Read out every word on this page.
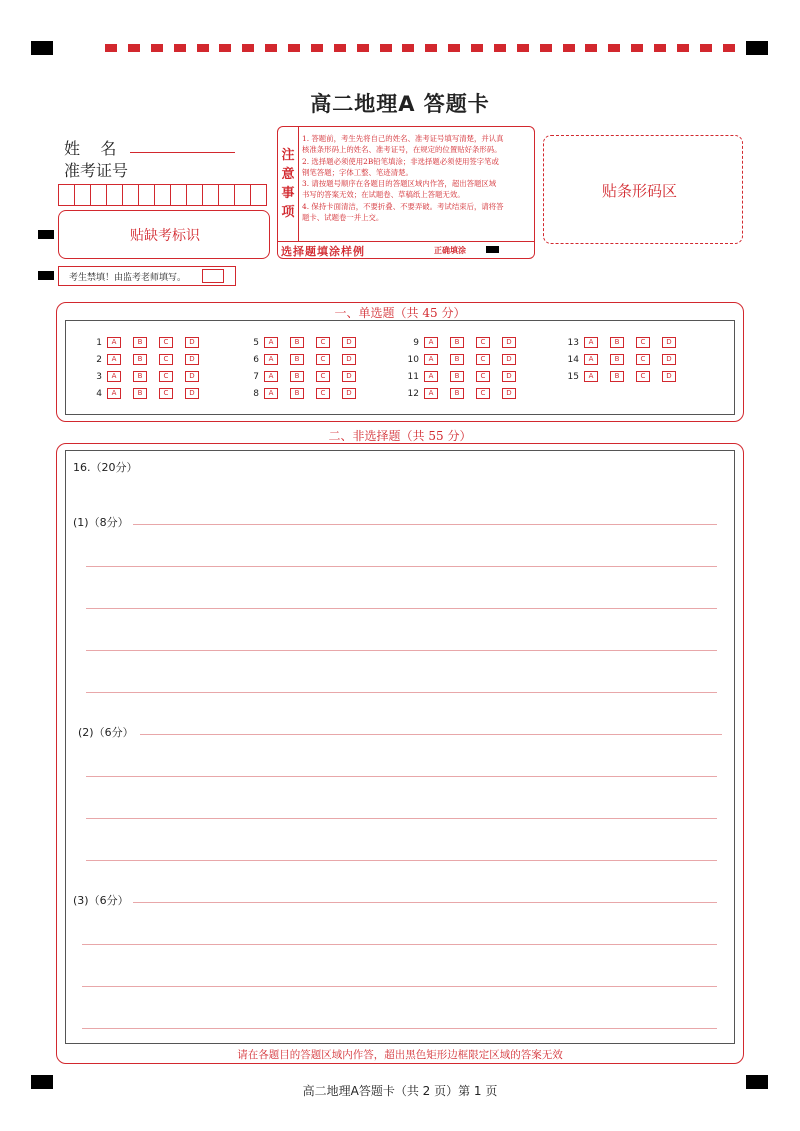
高二地理A 答题卡
姓    名
准考证号
贴缺考标识
注
意
事
项
1. 答题前，考生先将自己的姓名、准考证号填写清楚，并认真
核准条形码上的姓名、准考证号，在规定的位置贴好条形码。
2. 选择题必须使用2B铅笔填涂；非选择题必须使用签字笔或
钢笔答题；字体工整、笔迹清楚。
3. 请按题号顺序在各题目的答题区域内作答，超出答题区域
书写的答案无效；在试题卷、草稿纸上答题无效。
4. 保持卡面清洁，不要折叠、不要弄破。考试结束后，请将答
题卡、试题卷一并上交。
选择题填涂样例	正确填涂
贴条形码区
考生禁填！由监考老师填写。
一、单选题（共 45 分）
1	A	B	C	D
2	A	B	C	D
3	A	B	C	D
4	A	B	C	D
5	A	B	C	D
6	A	B	C	D
7	A	B	C	D
8	A	B	C	D
9	A	B	C	D
10	A	B	C	D
11	A	B	C	D
12	A	B	C	D
13	A	B	C	D
14	A	B	C	D
15	A	B	C	D
二、非选择题（共 55 分）
16.（20分）
(1)（8分）
(2)（6分）
(3)（6分）
请在各题目的答题区域内作答，超出黑色矩形边框限定区域的答案无效
高二地理A答题卡（共 2 页）第 1 页
